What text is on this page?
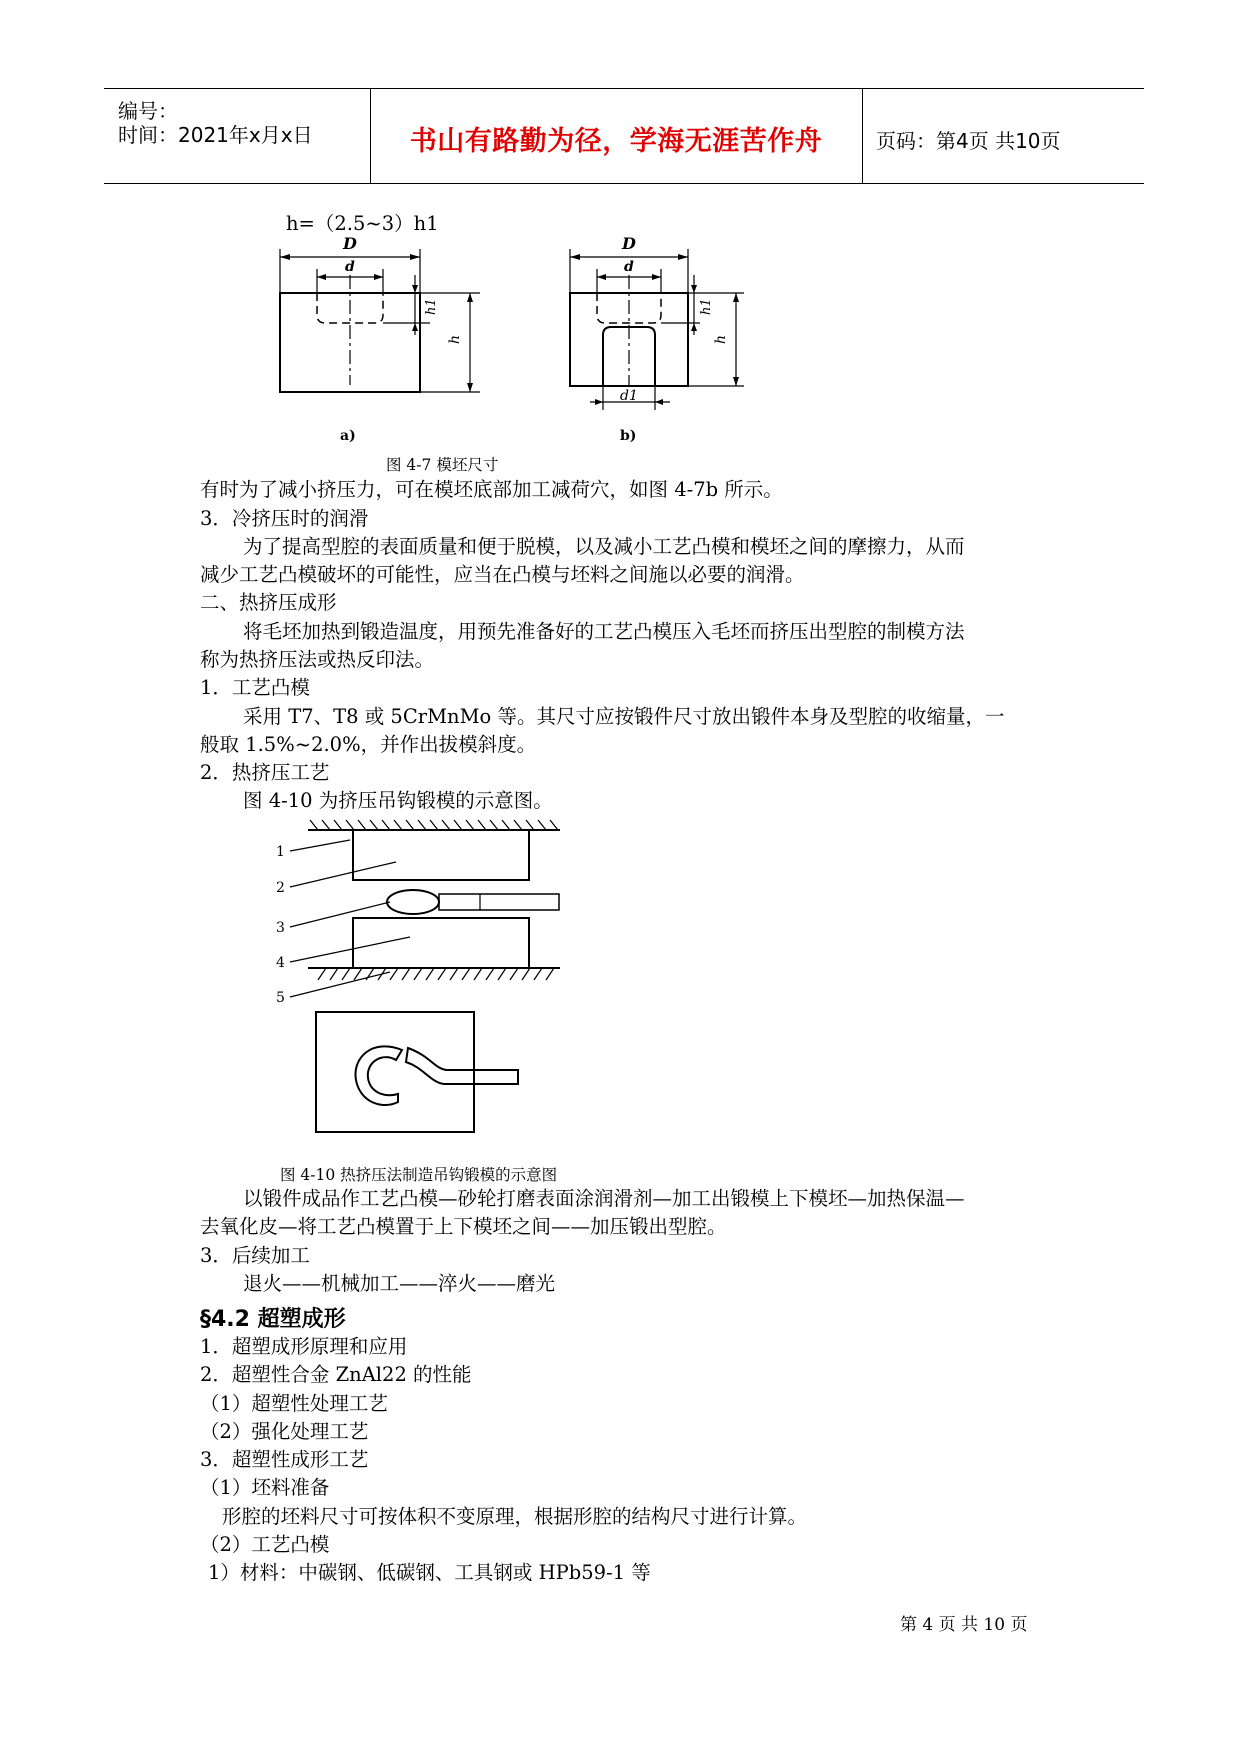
编号：
时间：2021年x月x日	书山有路勤为径，学海无涯苦作舟	页码：第4页 共10页
h=（2.5~3）h1
D
d
h1
h
a)
D
d
h1
h
d1
b)
图 4-7 模坯尺寸
有时为了减小挤压力，可在模坯底部加工减荷穴，如图 4-7b 所示。
3．冷挤压时的润滑
为了提高型腔的表面质量和便于脱模，以及减小工艺凸模和模坯之间的摩擦力，从而
减少工艺凸模破坏的可能性，应当在凸模与坯料之间施以必要的润滑。
二、热挤压成形
将毛坯加热到锻造温度，用预先准备好的工艺凸模压入毛坯而挤压出型腔的制模方法
称为热挤压法或热反印法。
1．工艺凸模
采用 T7、T8 或 5CrMnMo 等。其尺寸应按锻件尺寸放出锻件本身及型腔的收缩量，一
般取 1.5%~2.0%，并作出拔模斜度。
2．热挤压工艺
图 4-10 为挤压吊钩锻模的示意图。
1
2
3
4
5
图 4-10 热挤压法制造吊钩锻模的示意图
以锻件成品作工艺凸模—砂轮打磨表面涂润滑剂—加工出锻模上下模坯—加热保温—
去氧化皮—将工艺凸模置于上下模坯之间——加压锻出型腔。
3．后续加工
退火——机械加工——淬火——磨光
§4.2 超塑成形
1．超塑成形原理和应用
2．超塑性合金 ZnAl22 的性能
（1）超塑性处理工艺
（2）强化处理工艺
3．超塑性成形工艺
（1）坯料准备
形腔的坯料尺寸可按体积不变原理，根据形腔的结构尺寸进行计算。
（2）工艺凸模
1）材料：中碳钢、低碳钢、工具钢或 HPb59-1 等
第 4 页 共 10 页
